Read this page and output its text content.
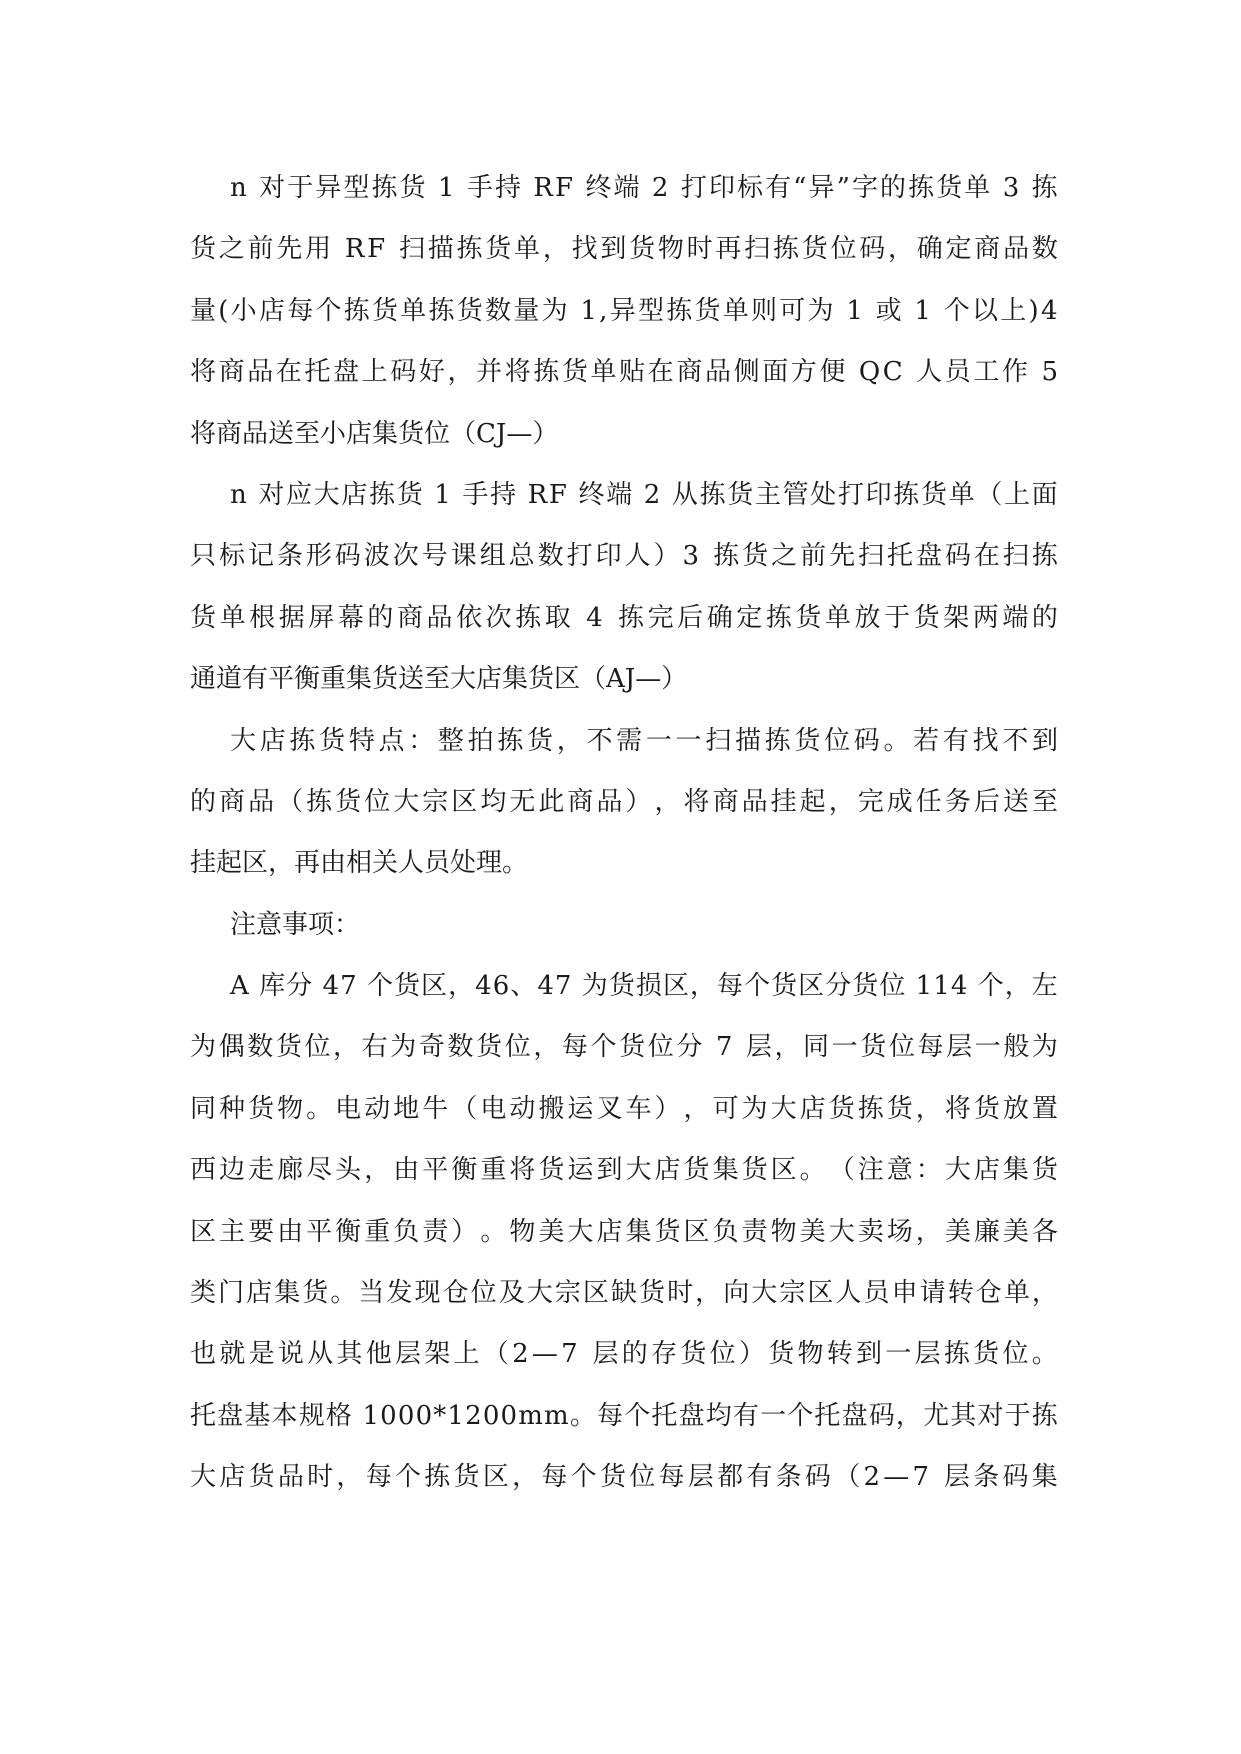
n
对 于 异 型 拣 货
1
手 持
R F
终 端
2
打 印 标 有 “ 异 ” 字 的 拣 货 单
3
拣
货 之 前 先 用
R F
扫 描 拣 货 单 ， 找 到 货 物 时 再 扫 拣 货 位 码 ， 确 定 商 品 数
量 ( 小 店 每 个 拣 货 单 拣 货 数 量 为
1 , 异 型 拣 货 单 则 可 为
1
或
1
个 以 上 ) 4
将 商 品 在 托 盘 上 码 好 ， 并 将 拣 货 单 贴 在 商 品 侧 面 方 便
Q C
人 员 工 作
5
将商品送至小店集货位（CJ—）
n
对 应 大 店 拣 货
1
手 持
R F
终 端
2
从 拣 货 主 管 处 打 印 拣 货 单 （ 上 面
只 标 记 条 形 码 波 次 号 课 组 总 数 打 印 人 ） 3
拣 货 之 前 先 扫 托 盘 码 在 扫 拣
货 单 根 据 屏 幕 的 商 品 依 次 拣 取
4
拣 完 后 确 定 拣 货 单 放 于 货 架 两 端 的
通道有平衡重集货送至大店集货区（AJ—）
大 店 拣 货 特 点 ： 整 拍 拣 货 ， 不 需 一 一 扫 描 拣 货 位 码 。 若 有 找 不 到
的 商 品 （ 拣 货 位 大 宗 区 均 无 此 商 品 ） ， 将 商 品 挂 起 ， 完 成 任 务 后 送 至
挂起区，再由相关人员处理。
注意事项：
A
库 分
4 7
个 货 区 ， 4 6 、 4 7
为 货 损 区 ， 每 个 货 区 分 货 位
1 1 4
个 ， 左
为 偶 数 货 位 ， 右 为 奇 数 货 位 ， 每 个 货 位 分
7
层 ， 同 一 货 位 每 层 一 般 为
同 种 货 物 。 电 动 地 牛 （ 电 动 搬 运 叉 车 ） ， 可 为 大 店 货 拣 货 ， 将 货 放 置
西 边 走 廊 尽 头 ， 由 平 衡 重 将 货 运 到 大 店 货 集 货 区 。 （ 注 意 ： 大 店 集 货
区 主 要 由 平 衡 重 负 责 ） 。 物 美 大 店 集 货 区 负 责 物 美 大 卖 场 ， 美 廉 美 各
类 门 店 集 货 。 当 发 现 仓 位 及 大 宗 区 缺 货 时 ， 向 大 宗 区 人 员 申 请 转 仓 单 ，
也 就 是 说 从 其 他 层 架 上 （ 2 — 7
层 的 存 货 位 ） 货 物 转 到 一 层 拣 货 位 。
托 盘 基 本 规 格
1 0 0 0 * 1 2 0 0 m m 。 每 个 托 盘 均 有 一 个 托 盘 码 ， 尤 其 对 于 拣
大 店 货 品 时 ， 每 个 拣 货 区 ， 每 个 货 位 每 层 都 有 条 码 （ 2 — 7
层 条 码 集
